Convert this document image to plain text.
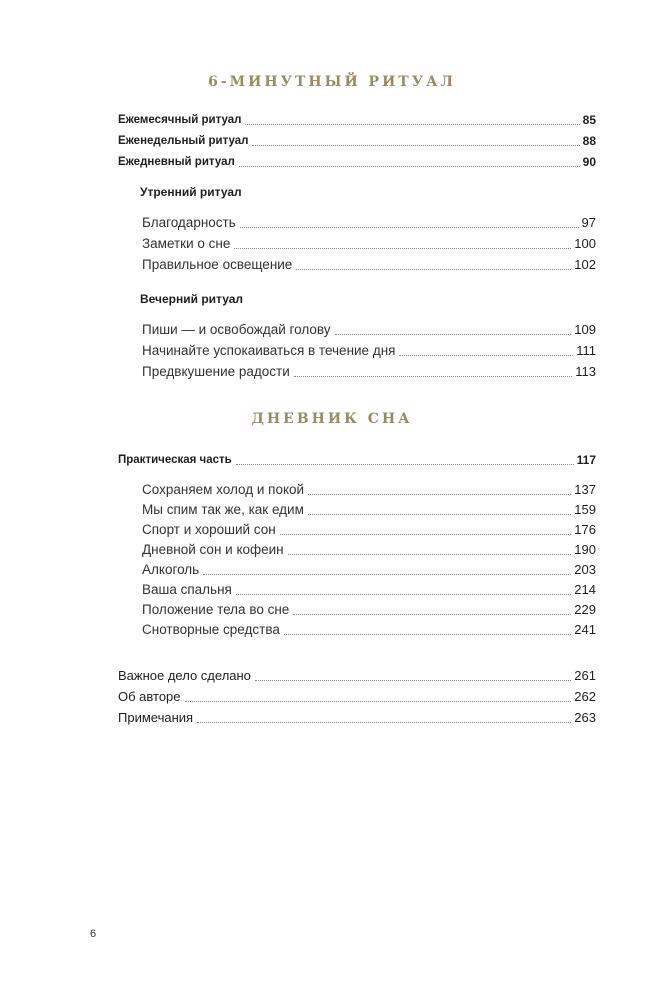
6-МИНУТНЫЙ РИТУАЛ
Ежемесячный ритуал	85
Еженедельный ритуал	88
Ежедневный ритуал	90
Утренний ритуал
Благодарность	97
Заметки о сне	100
Правильное освещение	102
Вечерний ритуал
Пиши — и освобождай голову	109
Начинайте успокаиваться в течение дня	111
Предвкушение радости	113
ДНЕВНИК СНА
Практическая часть	117
Сохраняем холод и покой	137
Мы спим так же, как едим	159
Спорт и хороший сон	176
Дневной сон и кофеин	190
Алкоголь	203
Ваша спальня	214
Положение тела во сне	229
Снотворные средства	241
Важное дело сделано	261
Об авторе	262
Примечания	263
6
